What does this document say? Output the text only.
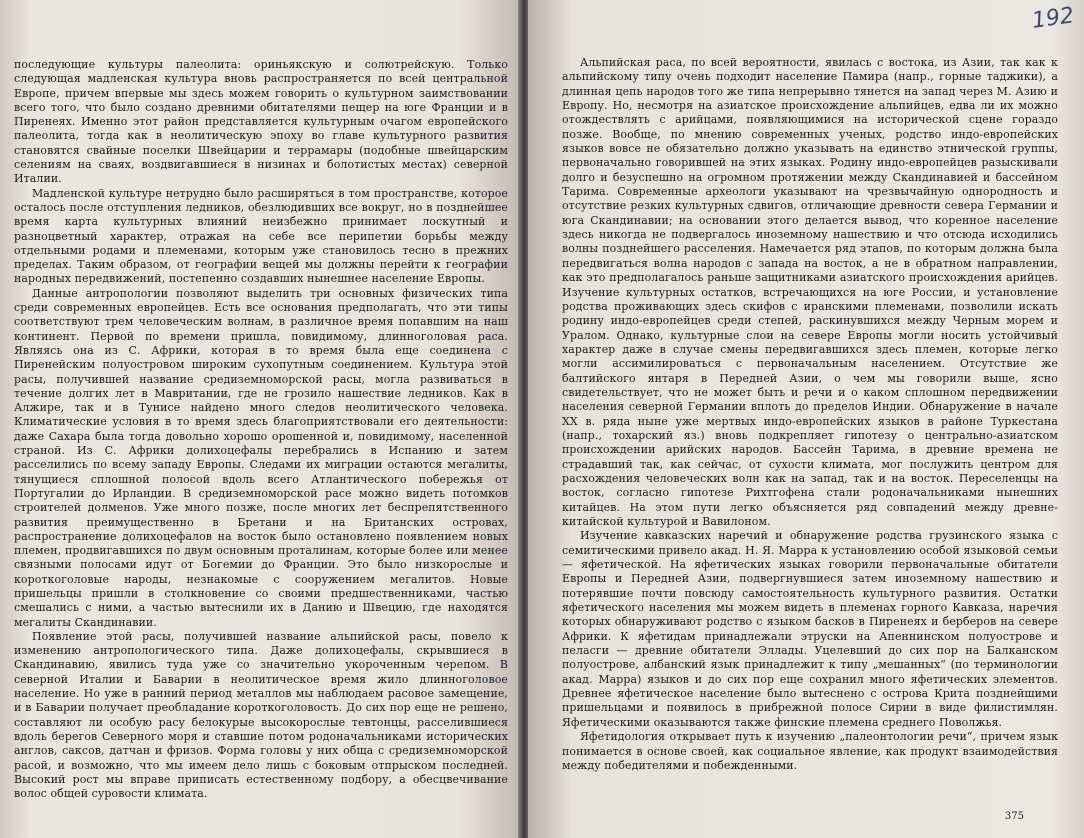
последующие культуры палеолита: ориньякскую и солютрейскую. Только следующая мадленская культура вновь распространяется по всей центральной Европе, причем впервые мы здесь можем говорить о культурном заимствовании всего того, что было создано древними обитателями пещер на юге Франции и в Пиренеях. Именно этот район представляется культурным очагом европейского палеолита, тогда как в неолитическую эпоху во главе культурного развития становятся свайные поселки Швейцарии и террамары (подобные швейцарским селениям на сваях, воздвигавшиеся в низинах и болотистых местах) северной Италии.

Мадленской культуре нетрудно было расширяться в том пространстве, которое осталось после отступления ледников, обезлюдивших все вокруг, но в позднейшее время карта культурных влияний неизбежно принимает лоскутный и разноцветный характер, отражая на себе все перипетии борьбы между отдельными родами и племенами, которым уже становилось тесно в прежних пределах. Таким образом, от географии вещей мы должны перейти к географии народных передвижений, постепенно создавших нынешнее население Европы.

Данные антропологии позволяют выделить три основных физических типа среди современных европейцев. Есть все основания предполагать, что эти типы соответствуют трем человеческим волнам, в различное время попавшим на наш континент. Первой по времени пришла, повидимому, длинноголовая раса. Являясь она из С. Африки, которая в то время была еще соединена с Пиренейским полуостровом широким сухопутным соединением. Культура этой расы, получившей название средиземноморской расы, могла развиваться в течение долгих лет в Мавритании, где не грозило нашествие ледников. Как в Алжире, так и в Тунисе найдено много следов неолитического человека. Климатические условия в то время здесь благоприятствовали его деятельности: даже Сахара была тогда довольно хорошо орошенной и, повидимому, населенной страной. Из С. Африки долихоцефалы перебрались в Испанию и затем расселились по всему западу Европы. Следами их миграции остаются мегалиты, тянущиеся сплошной полосой вдоль всего Атлантического побережья от Португалии до Ирландии. В средиземноморской расе можно видеть потомков строителей долменов. Уже много позже, после многих лет беспрепятственного развития преимущественно в Бретани и на Британских островах, распространение долихоцефалов на восток было остановлено появлением новых племен, продвигавшихся по двум основным проталинам, которые более или менее связными полосами идут от Богемии до Франции. Это было низкорослые и короткоголовые народы, незнакомые с сооружением мегалитов. Новые пришельцы пришли в столкновение со своими предшественниками, частью смешались с ними, а частью вытеснили их в Данию и Швецию, где находятся мегалиты Скандинавии.

Появление этой расы, получившей название альпийской расы, повело к изменению антропологического типа. Даже долихоцефалы, скрывшиеся в Скандинавию, явились туда уже со значительно укороченным черепом. В северной Италии и Баварии в неолитическое время жило длинноголовое население. Но уже в ранний период металлов мы наблюдаем расовое замещение, и в Баварии получает преобладание короткоголовость. До сих пор еще не решено, составляют ли особую расу белокурые высокорослые тевтонцы, расселившиеся вдоль берегов Северного моря и ставшие потом родоначальниками исторических англов, саксов, датчан и фризов. Форма головы у них обща с средиземноморской расой, и возможно, что мы имеем дело лишь с боковым отпрыском последней. Высокий рост мы вправе приписать естественному подбору, а обесцвечивание волос общей суровости климата.

192

Альпийская раса, по всей вероятности, явилась с востока, из Азии, так как к альпийскому типу очень подходит население Памира (напр., горные таджики), а длинная цепь народов того же типа непрерывно тянется на запад через М. Азию и Европу. Но, несмотря на азиатское происхождение альпийцев, едва ли их можно отождествлять с арийцами, появляющимися на исторической сцене гораздо позже. Вообще, по мнению современных ученых, родство индо-европейских языков вовсе не обязательно должно указывать на единство этнической группы, первоначально говорившей на этих языках. Родину индо-европейцев разыскивали долго и безуспешно на огромном протяжении между Скандинавией и бассейном Тарима. Современные археологи указывают на чрезвычайную однородность и отсутствие резких культурных сдвигов, отличающие древности севера Германии и юга Скандинавии; на основании этого делается вывод, что коренное население здесь никогда не подвергалось иноземному нашествию и что отсюда исходились волны позднейшего расселения. Намечается ряд этапов, по которым должна была передвигаться волна народов с запада на восток, а не в обратном направлении, как это предполагалось раньше защитниками азиатского происхождения арийцев. Изучение культурных остатков, встречающихся на юге России, и установление родства проживающих здесь скифов с иранскими племенами, позволили искать родину индо-европейцев среди степей, раскинувшихся между Черным морем и Уралом. Однако, культурные слои на севере Европы могли носить устойчивый характер даже в случае смены передвигавшихся здесь племен, которые легко могли ассимилироваться с первоначальным населением. Отсутствие же балтийского янтаря в Передней Азии, о чем мы говорили выше, ясно свидетельствует, что не может быть и речи и о каком сплошном передвижении населения северной Германии вплоть до пределов Индии. Обнаружение в начале XX в. ряда ныне уже мертвых индо-европейских языков в районе Туркестана (напр., тохарский яз.) вновь подкрепляет гипотезу о центрально-азиатском происхождении арийских народов. Бассейн Тарима, в древние времена не страдавший так, как сейчас, от сухости климата, мог послужить центром для расхождения человеческих волн как на запад, так и на восток. Переселенцы на восток, согласно гипотезе Рихтгофена стали родоначальниками нынешних китайцев. На этом пути легко объясняется ряд совпадений между древне-китайской культурой и Вавилоном.

Изучение кавказских наречий и обнаружение родства грузинского языка с семитическими привело акад. Н. Я. Марра к установлению особой языковой семьи — яфетической. На яфетических языках говорили первоначальные обитатели Европы и Передней Азии, подвергнувшиеся затем иноземному нашествию и потерявшие почти повсюду самостоятельность культурного развития. Остатки яфетического населения мы можем видеть в племенах горного Кавказа, наречия которых обнаруживают родство с языком басков в Пиренеях и берберов на севере Африки. К яфетидам принадлежали этруски на Апеннинском полуострове и пеласги — древние обитатели Эллады. Уцелевший до сих пор на Балканском полуострове, албанский язык принадлежит к типу „мешанных“ (по терминологии акад. Марра) языков и до сих пор еще сохранил много яфетических элементов. Древнее яфетическое население было вытеснено с острова Крита позднейшими пришельцами и появилось в прибрежной полосе Сирии в виде филистимлян. Яфетическими оказываются также финские племена среднего Поволжья.

Яфетидология открывает путь к изучению „палеонтологии речи“, причем язык понимается в основе своей, как социальное явление, как продукт взаимодействия между победителями и побежденными.

375
